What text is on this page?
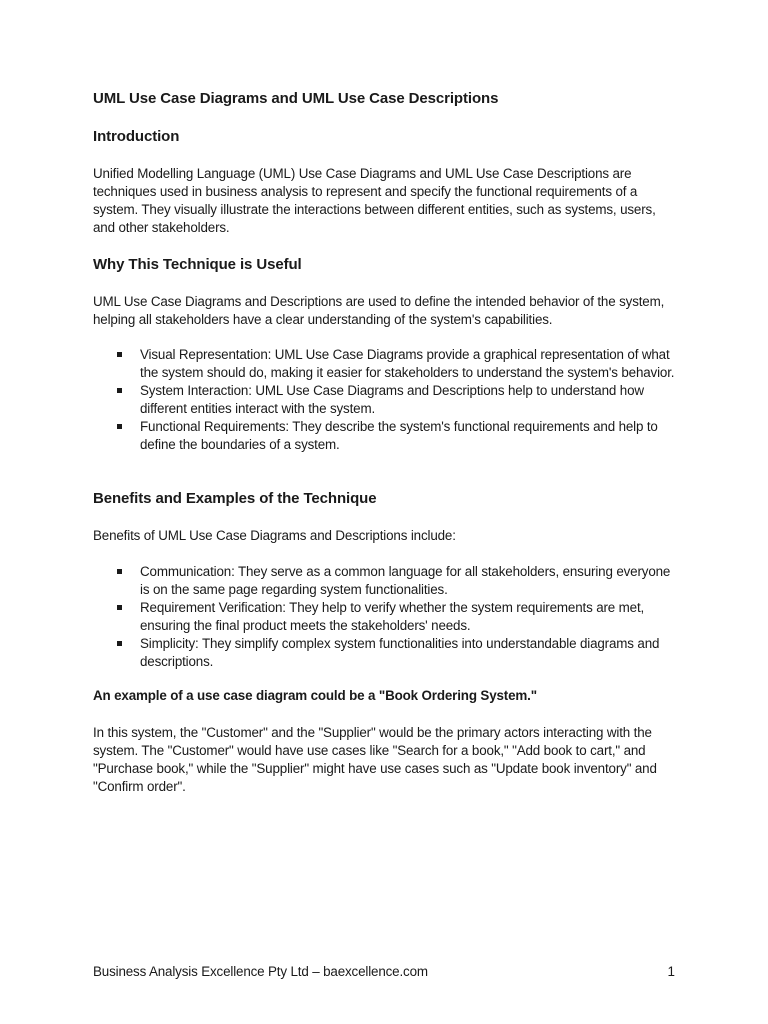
UML Use Case Diagrams and UML Use Case Descriptions
Introduction
Unified Modelling Language (UML) Use Case Diagrams and UML Use Case Descriptions are techniques used in business analysis to represent and specify the functional requirements of a system. They visually illustrate the interactions between different entities, such as systems, users, and other stakeholders.
Why This Technique is Useful
UML Use Case Diagrams and Descriptions are used to define the intended behavior of the system, helping all stakeholders have a clear understanding of the system's capabilities.
Visual Representation: UML Use Case Diagrams provide a graphical representation of what the system should do, making it easier for stakeholders to understand the system's behavior.
System Interaction: UML Use Case Diagrams and Descriptions help to understand how different entities interact with the system.
Functional Requirements: They describe the system's functional requirements and help to define the boundaries of a system.
Benefits and Examples of the Technique
Benefits of UML Use Case Diagrams and Descriptions include:
Communication: They serve as a common language for all stakeholders, ensuring everyone is on the same page regarding system functionalities.
Requirement Verification: They help to verify whether the system requirements are met, ensuring the final product meets the stakeholders' needs.
Simplicity: They simplify complex system functionalities into understandable diagrams and descriptions.
An example of a use case diagram could be a "Book Ordering System."
In this system, the "Customer" and the "Supplier" would be the primary actors interacting with the system. The "Customer" would have use cases like "Search for a book," "Add book to cart," and "Purchase book," while the "Supplier" might have use cases such as "Update book inventory" and "Confirm order".
Business Analysis Excellence Pty Ltd – baexcellence.com	1
